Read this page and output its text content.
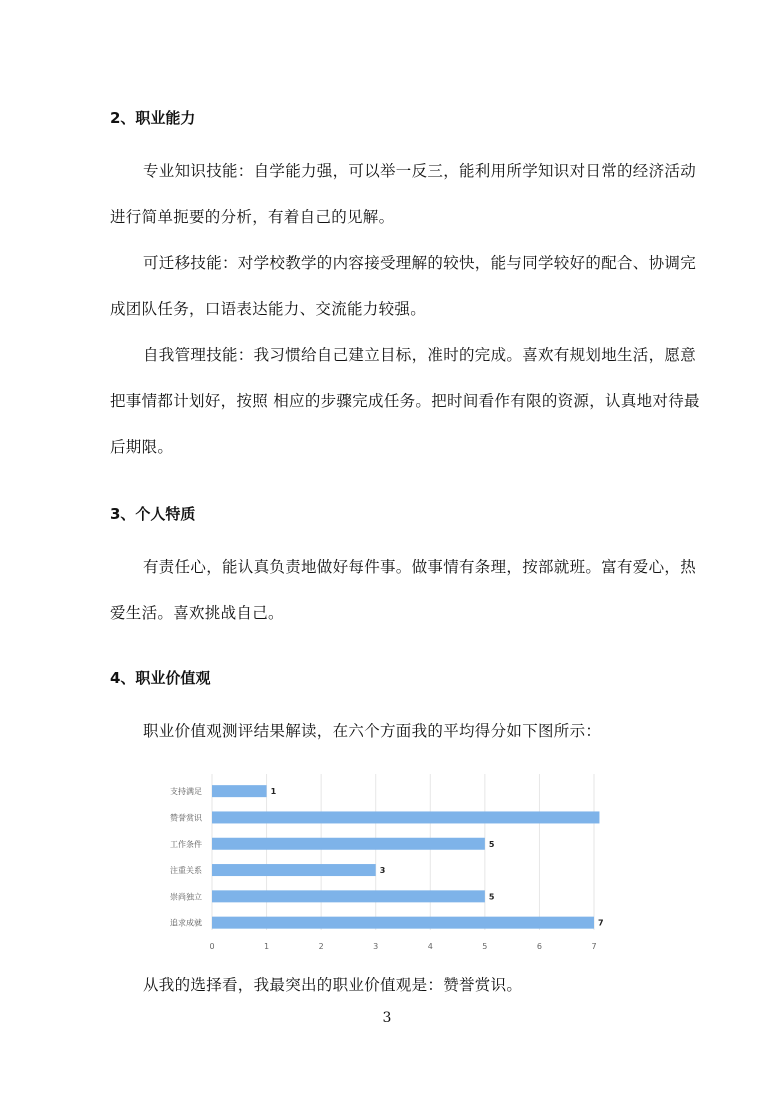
2、职业能力

专业知识技能：自学能力强，可以举一反三，能利用所学知识对日常的经济活动进行简单扼要的分析，有着自己的见解。

可迁移技能：对学校教学的内容接受理解的较快，能与同学较好的配合、协调完成团队任务，口语表达能力、交流能力较强。

自我管理技能：我习惯给自己建立目标，准时的完成。喜欢有规划地生活，愿意把事情都计划好，按照 相应的步骤完成任务。把时间看作有限的资源，认真地对待最后期限。

3、个人特质

有责任心，能认真负责地做好每件事。做事情有条理，按部就班。富有爱心，热爱生活。喜欢挑战自己。

4、职业价值观

职业价值观测评结果解读，在六个方面我的平均得分如下图所示：

0	1	2	3	4	5	6	7
支持满足	1
赞誉赏识
工作条件	5
注重关系	3
崇尚独立	5
追求成就	7

从我的选择看，我最突出的职业价值观是：赞誉赏识。

3
